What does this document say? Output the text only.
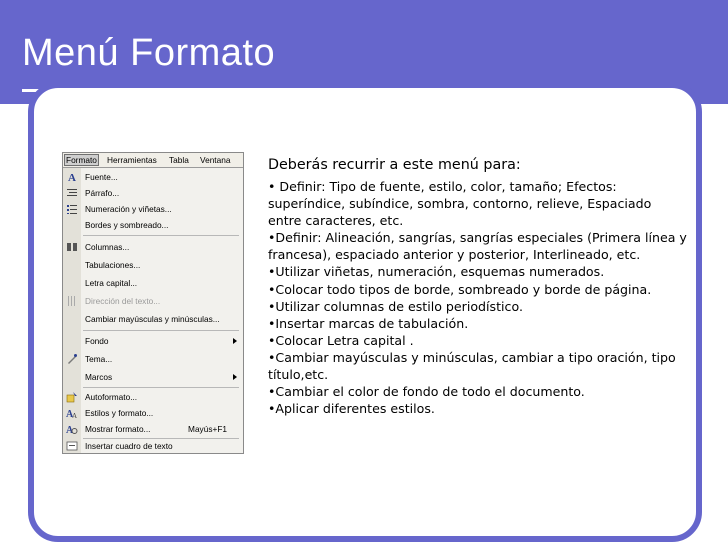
Menú Formato
Formato Herramientas Tabla Ventana
A Fuente...
Párrafo...
Numeración y viñetas...
Bordes y sombreado...
Columnas...
Tabulaciones...
Letra capital...
Dirección del texto...
Cambiar mayúsculas y minúsculas...
Fondo
Tema...
Marcos
Autoformato...
A
A Estilos y formato...
A Mostrar formato...	Mayús+F1
Insertar cuadro de texto

Deberás recurrir a este menú para:

• Definir: Tipo de fuente, estilo, color, tamaño; Efectos: superíndice, subíndice, sombra, contorno, relieve, Espaciado entre caracteres, etc.

•Definir: Alineación, sangrías, sangrías especiales (Primera línea y francesa), espaciado anterior y posterior, Interlineado, etc.

•Utilizar viñetas, numeración, esquemas numerados.

•Colocar todo tipos de borde, sombreado y borde de página.

•Utilizar columnas de estilo periodístico.

•Insertar marcas de tabulación.

•Colocar Letra capital .

•Cambiar mayúsculas y minúsculas, cambiar a tipo oración, tipo título,etc.

•Cambiar el color de fondo de todo el documento.

•Aplicar diferentes estilos.
